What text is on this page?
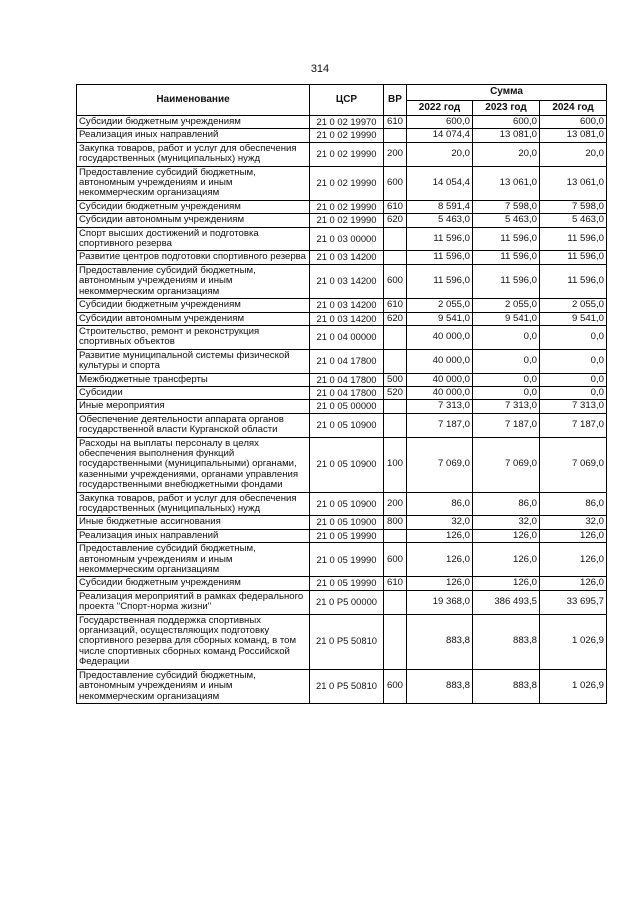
314
Наименование	ЦСР	ВР	Сумма		
			2022 год	2023 год	2024 год
Субсидии бюджетным учреждениям	21 0 02 19970	610	600,0	600,0	600,0
Реализация иных направлений	21 0 02 19990		14 074,4	13 081,0	13 081,0
Закупка товаров, работ и услуг для обеспечения государственных (муниципальных) нужд	21 0 02 19990	200	20,0	20,0	20,0
Предоставление субсидий бюджетным, автономным учреждениям и иным некоммерческим организациям	21 0 02 19990	600	14 054,4	13 061,0	13 061,0
Субсидии бюджетным учреждениям	21 0 02 19990	610	8 591,4	7 598,0	7 598,0
Субсидии автономным учреждениям	21 0 02 19990	620	5 463,0	5 463,0	5 463,0
Спорт высших достижений и подготовка спортивного резерва	21 0 03 00000		11 596,0	11 596,0	11 596,0
Развитие центров подготовки спортивного резерва	21 0 03 14200		11 596,0	11 596,0	11 596,0
Предоставление субсидий бюджетным, автономным учреждениям и иным некоммерческим организациям	21 0 03 14200	600	11 596,0	11 596,0	11 596,0
Субсидии бюджетным учреждениям	21 0 03 14200	610	2 055,0	2 055,0	2 055,0
Субсидии автономным учреждениям	21 0 03 14200	620	9 541,0	9 541,0	9 541,0
Строительство, ремонт и реконструкция спортивных объектов	21 0 04 00000		40 000,0	0,0	0,0
Развитие муниципальной системы физической культуры и спорта	21 0 04 17800		40 000,0	0,0	0,0
Межбюджетные трансферты	21 0 04 17800	500	40 000,0	0,0	0,0
Субсидии	21 0 04 17800	520	40 000,0	0,0	0,0
Иные мероприятия	21 0 05 00000		7 313,0	7 313,0	7 313,0
Обеспечение деятельности аппарата органов государственной власти Курганской области	21 0 05 10900		7 187,0	7 187,0	7 187,0
Расходы на выплаты персоналу в целях обеспечения выполнения функций государственными (муниципальными) органами, казенными учреждениями, органами управления государственными внебюджетными фондами	21 0 05 10900	100	7 069,0	7 069,0	7 069,0
Закупка товаров, работ и услуг для обеспечения государственных (муниципальных) нужд	21 0 05 10900	200	86,0	86,0	86,0
Иные бюджетные ассигнования	21 0 05 10900	800	32,0	32,0	32,0
Реализация иных направлений	21 0 05 19990		126,0	126,0	126,0
Предоставление субсидий бюджетным, автономным учреждениям и иным некоммерческим организациям	21 0 05 19990	600	126,0	126,0	126,0
Субсидии бюджетным учреждениям	21 0 05 19990	610	126,0	126,0	126,0
Реализация мероприятий в рамках федерального проекта "Спорт-норма жизни"	21 0 P5 00000		19 368,0	386 493,5	33 695,7
Государственная поддержка спортивных организаций, осуществляющих подготовку спортивного резерва для сборных команд, в том числе спортивных сборных команд Российской Федерации	21 0 P5 50810		883,8	883,8	1 026,9
Предоставление субсидий бюджетным, автономным учреждениям и иным некоммерческим организациям	21 0 P5 50810	600	883,8	883,8	1 026,9
